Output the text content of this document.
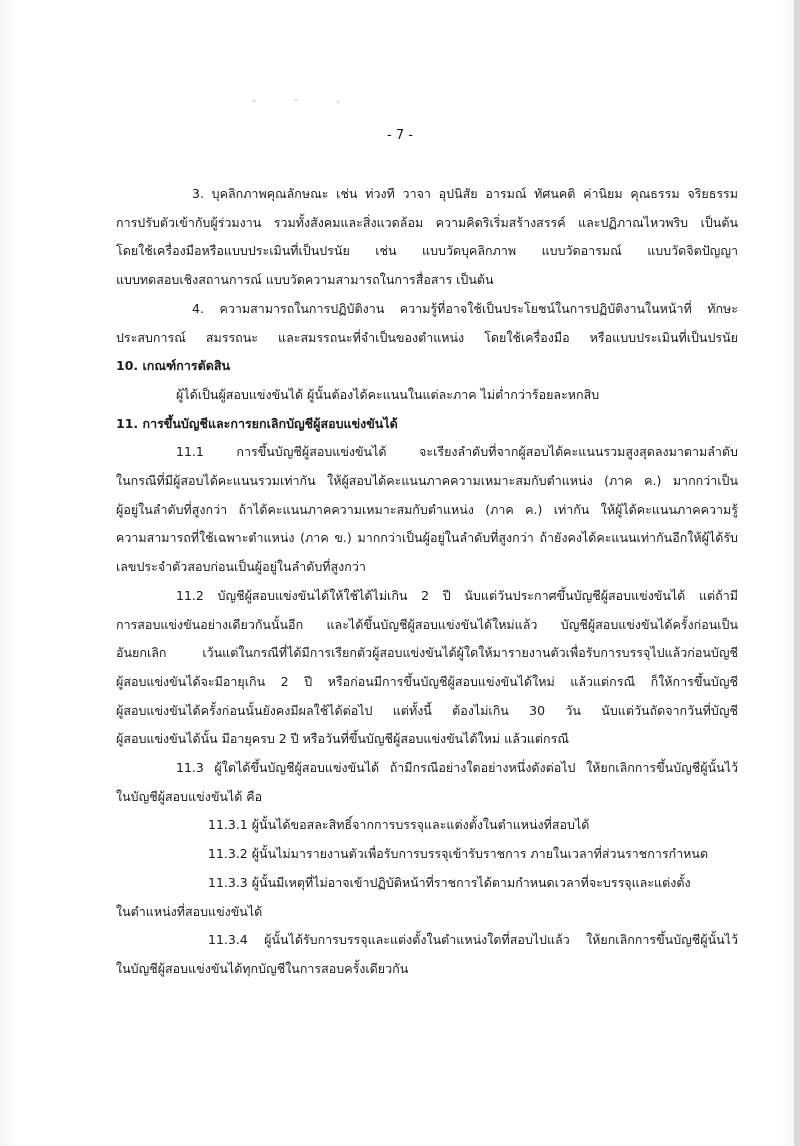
- 7 -
3. บุคลิกภาพคุณลักษณะ เช่น ท่วงที วาจา อุปนิสัย อารมณ์ ทัศนคติ ค่านิยม คุณธรรม จริยธรรม
การปรับตัวเข้ากับผู้ร่วมงาน รวมทั้งสังคมและสิ่งแวดล้อม ความคิดริเริ่มสร้างสรรค์ และปฏิภาณไหวพริบ เป็นต้น
โดยใช้เครื่องมือหรือแบบประเมินที่เป็นปรนัย เช่น แบบวัดบุคลิกภาพ แบบวัดอารมณ์ แบบวัดจิตปัญญา
แบบทดสอบเชิงสถานการณ์ แบบวัดความสามารถในการสื่อสาร เป็นต้น
4. ความสามารถในการปฏิบัติงาน ความรู้ที่อาจใช้เป็นประโยชน์ในการปฏิบัติงานในหน้าที่ ทักษะ
ประสบการณ์ สมรรถนะ และสมรรถนะที่จำเป็นของตำแหน่ง โดยใช้เครื่องมือ หรือแบบประเมินที่เป็นปรนัย
10. เกณฑ์การตัดสิน
ผู้ได้เป็นผู้สอบแข่งขันได้ ผู้นั้นต้องได้คะแนนในแต่ละภาค ไม่ต่ำกว่าร้อยละหกสิบ
11. การขึ้นบัญชีและการยกเลิกบัญชีผู้สอบแข่งขันได้
11.1 การขึ้นบัญชีผู้สอบแข่งขันได้ จะเรียงลำดับที่จากผู้สอบได้คะแนนรวมสูงสุดลงมาตามลำดับ
ในกรณีที่มีผู้สอบได้คะแนนรวมเท่ากัน ให้ผู้สอบได้คะแนนภาคความเหมาะสมกับตำแหน่ง (ภาค ค.) มากกว่าเป็น
ผู้อยู่ในลำดับที่สูงกว่า ถ้าได้คะแนนภาคความเหมาะสมกับตำแหน่ง (ภาค ค.) เท่ากัน ให้ผู้ได้คะแนนภาคความรู้
ความสามารถที่ใช้เฉพาะตำแหน่ง (ภาค ข.) มากกว่าเป็นผู้อยู่ในลำดับที่สูงกว่า ถ้ายังคงได้คะแนนเท่ากันอีกให้ผู้ได้รับ
เลขประจำตัวสอบก่อนเป็นผู้อยู่ในลำดับที่สูงกว่า
11.2 บัญชีผู้สอบแข่งขันได้ให้ใช้ได้ไม่เกิน 2 ปี นับแต่วันประกาศขึ้นบัญชีผู้สอบแข่งขันได้ แต่ถ้ามี
การสอบแข่งขันอย่างเดียวกันนั้นอีก และได้ขึ้นบัญชีผู้สอบแข่งขันได้ใหม่แล้ว บัญชีผู้สอบแข่งขันได้ครั้งก่อนเป็น
อันยกเลิก เว้นแต่ในกรณีที่ได้มีการเรียกตัวผู้สอบแข่งขันได้ผู้ใดให้มารายงานตัวเพื่อรับการบรรจุไปแล้วก่อนบัญชี
ผู้สอบแข่งขันได้จะมีอายุเกิน 2 ปี หรือก่อนมีการขึ้นบัญชีผู้สอบแข่งขันได้ใหม่ แล้วแต่กรณี ก็ให้การขึ้นบัญชี
ผู้สอบแข่งขันได้ครั้งก่อนนั้นยังคงมีผลใช้ได้ต่อไป แต่ทั้งนี้ ต้องไม่เกิน 30 วัน นับแต่วันถัดจากวันที่บัญชี
ผู้สอบแข่งขันได้นั้น มีอายุครบ 2 ปี หรือวันที่ขึ้นบัญชีผู้สอบแข่งขันได้ใหม่ แล้วแต่กรณี
11.3 ผู้ใดได้ขึ้นบัญชีผู้สอบแข่งขันได้ ถ้ามีกรณีอย่างใดอย่างหนึ่งดังต่อไป ให้ยกเลิกการขึ้นบัญชีผู้นั้นไว้
ในบัญชีผู้สอบแข่งขันได้ คือ
11.3.1 ผู้นั้นได้ขอสละสิทธิ์จากการบรรจุและแต่งตั้งในตำแหน่งที่สอบได้
11.3.2 ผู้นั้นไม่มารายงานตัวเพื่อรับการบรรจุเข้ารับราชการ ภายในเวลาที่ส่วนราชการกำหนด
11.3.3 ผู้นั้นมีเหตุที่ไม่อาจเข้าปฏิบัติหน้าที่ราชการได้ตามกำหนดเวลาที่จะบรรจุและแต่งตั้ง
ในตำแหน่งที่สอบแข่งขันได้
11.3.4 ผู้นั้นได้รับการบรรจุและแต่งตั้งในตำแหน่งใดที่สอบไปแล้ว ให้ยกเลิกการขึ้นบัญชีผู้นั้นไว้
ในบัญชีผู้สอบแข่งขันได้ทุกบัญชีในการสอบครั้งเดียวกัน
